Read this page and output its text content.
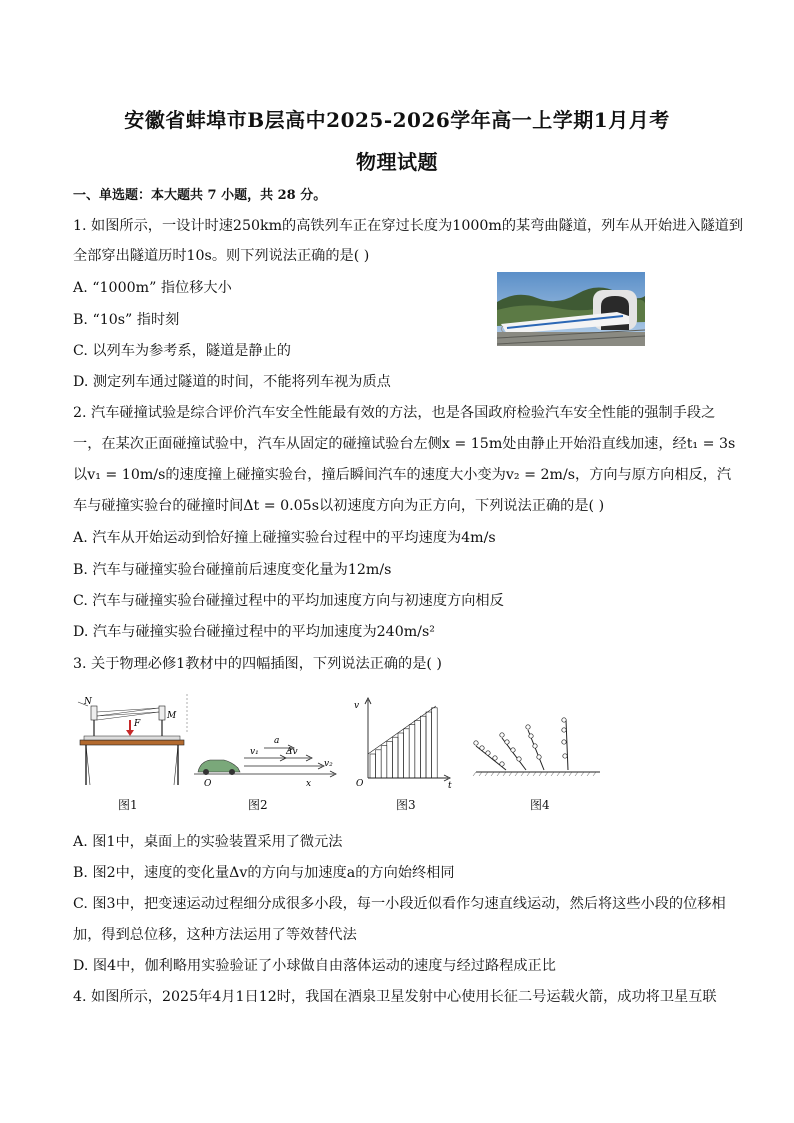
安徽省蚌埠市B层高中2025-2026学年高一上学期1月月考
物理试题
一、单选题：本大题共 7 小题，共 28 分。
1. 如图所示，一设计时速250km的高铁列车正在穿过长度为1000m的某弯曲隧道，列车从开始进入隧道到
全部穿出隧道历时10s。则下列说法正确的是( )
A. “1000m” 指位移大小
B. “10s” 指时刻
C. 以列车为参考系，隧道是静止的
D. 测定列车通过隧道的时间，不能将列车视为质点
2. 汽车碰撞试验是综合评价汽车安全性能最有效的方法，也是各国政府检验汽车安全性能的强制手段之
一，在某次正面碰撞试验中，汽车从固定的碰撞试验台左侧x = 15m处由静止开始沿直线加速，经t₁ = 3s
以v₁ = 10m/s的速度撞上碰撞实验台，撞后瞬间汽车的速度大小变为v₂ = 2m/s，方向与原方向相反，汽
车与碰撞实验台的碰撞时间Δt = 0.05s以初速度方向为正方向，下列说法正确的是( )
A. 汽车从开始运动到恰好撞上碰撞实验台过程中的平均速度为4m/s
B. 汽车与碰撞实验台碰撞前后速度变化量为12m/s
C. 汽车与碰撞实验台碰撞过程中的平均加速度方向与初速度方向相反
D. 汽车与碰撞实验台碰撞过程中的平均加速度为240m/s²
3. 关于物理必修1教材中的四幅插图，下列说法正确的是( )
N
M
F
a
v₁	Δv
v₂
O	x
v
O	t
图1	图2	图3	图4
A. 图1中，桌面上的实验装置采用了微元法
B. 图2中，速度的变化量Δv的方向与加速度a的方向始终相同
C. 图3中，把变速运动过程细分成很多小段，每一小段近似看作匀速直线运动，然后将这些小段的位移相
加，得到总位移，这种方法运用了等效替代法
D. 图4中，伽利略用实验验证了小球做自由落体运动的速度与经过路程成正比
4. 如图所示，2025年4月1日12时，我国在酒泉卫星发射中心使用长征二号运载火箭，成功将卫星互联
